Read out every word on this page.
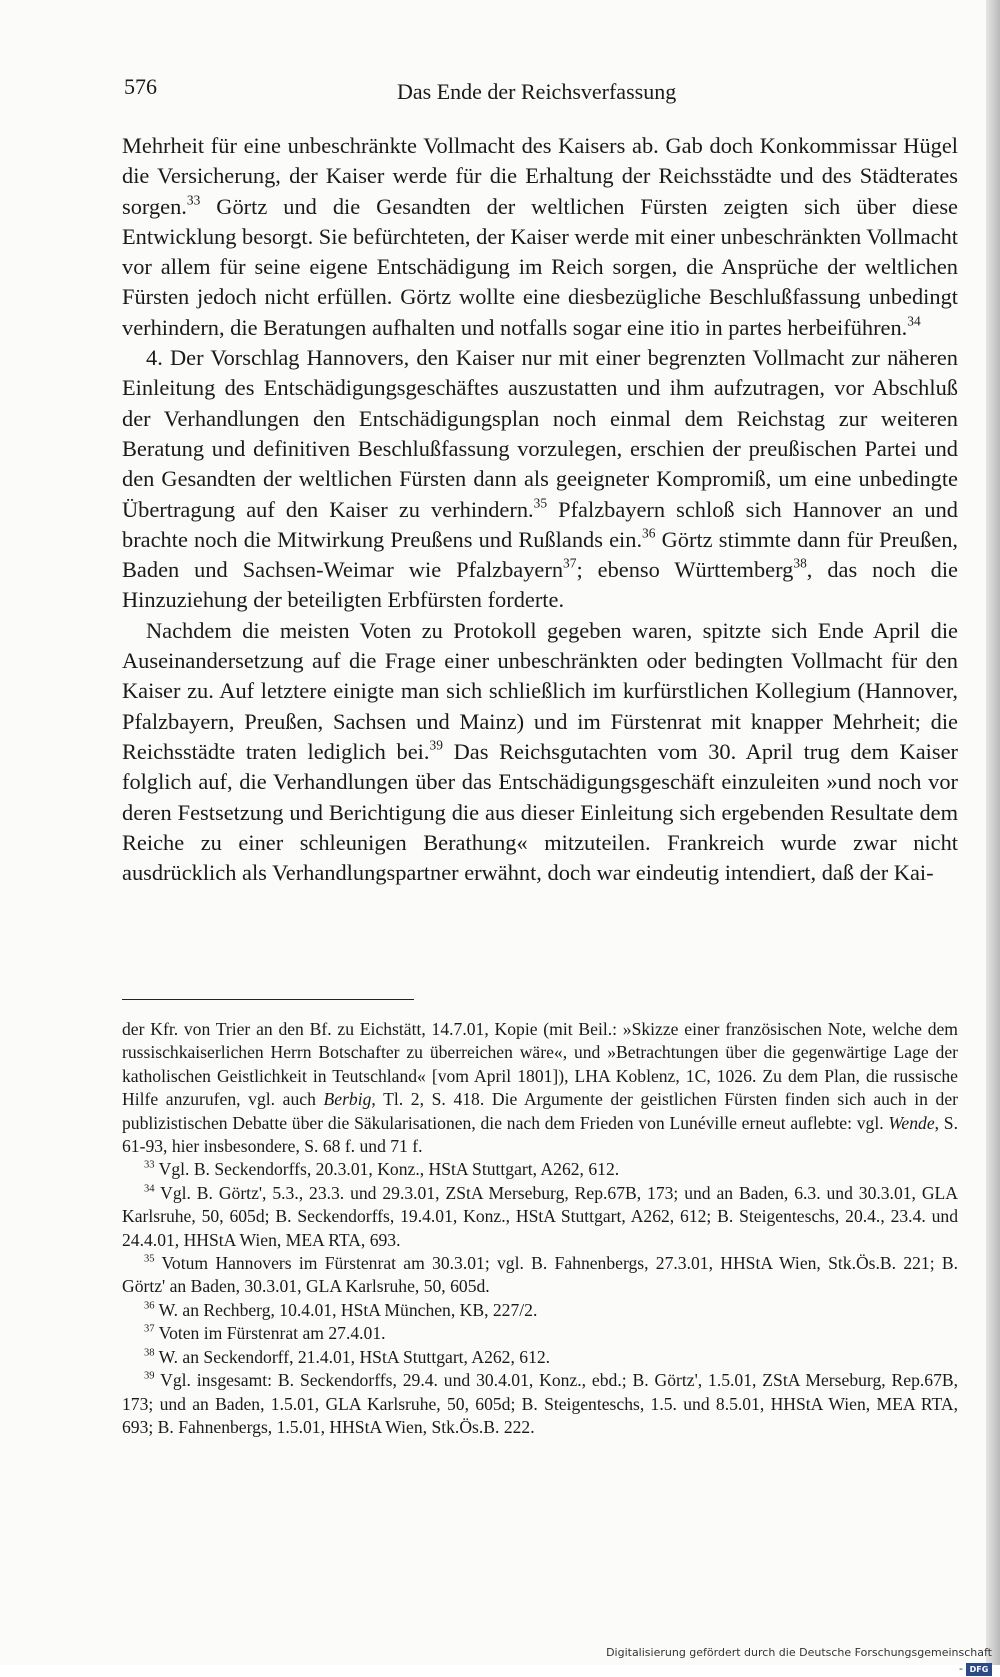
576	Das Ende der Reichsverfassung

Mehrheit für eine unbeschränkte Vollmacht des Kaisers ab. Gab doch Konkommissar Hügel die Versicherung, der Kaiser werde für die Erhaltung der Reichsstädte und des Städterates sorgen.$^{33}$ Görtz und die Gesandten der weltlichen Fürsten zeigten sich über diese Entwicklung besorgt. Sie befürchteten, der Kaiser werde mit einer unbeschränkten Vollmacht vor allem für seine eigene Entschädigung im Reich sorgen, die Ansprüche der weltlichen Fürsten jedoch nicht erfüllen. Görtz wollte eine diesbezügliche Beschlußfassung unbedingt verhindern, die Beratungen aufhalten und notfalls sogar eine itio in partes herbeiführen.$^{34}$

4. Der Vorschlag Hannovers, den Kaiser nur mit einer begrenzten Vollmacht zur näheren Einleitung des Entschädigungsgeschäftes auszustatten und ihm aufzutragen, vor Abschluß der Verhandlungen den Entschädigungsplan noch einmal dem Reichstag zur weiteren Beratung und definitiven Beschlußfassung vorzulegen, erschien der preußischen Partei und den Gesandten der weltlichen Fürsten dann als geeigneter Kompromiß, um eine unbedingte Übertragung auf den Kaiser zu verhindern.$^{35}$ Pfalzbayern schloß sich Hannover an und brachte noch die Mitwirkung Preußens und Rußlands ein.$^{36}$ Görtz stimmte dann für Preußen, Baden und Sachsen-Weimar wie Pfalzbayern$^{37}$; ebenso Württemberg$^{38}$, das noch die Hinzuziehung der beteiligten Erbfürsten forderte.

Nachdem die meisten Voten zu Protokoll gegeben waren, spitzte sich Ende April die Auseinandersetzung auf die Frage einer unbeschränkten oder bedingten Vollmacht für den Kaiser zu. Auf letztere einigte man sich schließlich im kurfürstlichen Kollegium (Hannover, Pfalzbayern, Preußen, Sachsen und Mainz) und im Fürstenrat mit knapper Mehrheit; die Reichsstädte traten lediglich bei.$^{39}$ Das Reichsgutachten vom 30. April trug dem Kaiser folglich auf, die Verhandlungen über das Entschädigungsgeschäft einzuleiten »und noch vor deren Festsetzung und Berichtigung die aus dieser Einleitung sich ergebenden Resultate dem Reiche zu einer schleunigen Berathung« mitzuteilen. Frankreich wurde zwar nicht ausdrücklich als Verhandlungspartner erwähnt, doch war eindeutig intendiert, daß der Kai-

der Kfr. von Trier an den Bf. zu Eichstätt, 14.7.01, Kopie (mit Beil.: »Skizze einer französischen Note, welche dem russischkaiserlichen Herrn Botschafter zu überreichen wäre«, und »Betrachtungen über die gegenwärtige Lage der katholischen Geistlichkeit in Teutschland« [vom April 1801]), LHA Koblenz, 1C, 1026. Zu dem Plan, die russische Hilfe anzurufen, vgl. auch Berbig, Tl. 2, S. 418. Die Argumente der geistlichen Fürsten finden sich auch in der publizistischen Debatte über die Säkularisationen, die nach dem Frieden von Lunéville erneut auflebte: vgl. Wende, S. 61-93, hier insbesondere, S. 68 f. und 71 f.

$^{33}$ Vgl. B. Seckendorffs, 20.3.01, Konz., HStA Stuttgart, A262, 612.

$^{34}$ Vgl. B. Görtz', 5.3., 23.3. und 29.3.01, ZStA Merseburg, Rep.67B, 173; und an Baden, 6.3. und 30.3.01, GLA Karlsruhe, 50, 605d; B. Seckendorffs, 19.4.01, Konz., HStA Stuttgart, A262, 612; B. Steigenteschs, 20.4., 23.4. und 24.4.01, HHStA Wien, MEA RTA, 693.

$^{35}$ Votum Hannovers im Fürstenrat am 30.3.01; vgl. B. Fahnenbergs, 27.3.01, HHStA Wien, Stk.Ös.B. 221; B. Görtz' an Baden, 30.3.01, GLA Karlsruhe, 50, 605d.

$^{36}$ W. an Rechberg, 10.4.01, HStA München, KB, 227/2.

$^{37}$ Voten im Fürstenrat am 27.4.01.

$^{38}$ W. an Seckendorff, 21.4.01, HStA Stuttgart, A262, 612.

$^{39}$ Vgl. insgesamt: B. Seckendorffs, 29.4. und 30.4.01, Konz., ebd.; B. Görtz', 1.5.01, ZStA Merseburg, Rep.67B, 173; und an Baden, 1.5.01, GLA Karlsruhe, 50, 605d; B. Steigenteschs, 1.5. und 8.5.01, HHStA Wien, MEA RTA, 693; B. Fahnenbergs, 1.5.01, HHStA Wien, Stk.Ös.B. 222.

Digitalisierung gefördert durch die Deutsche Forschungsgemeinschaft - DFG
